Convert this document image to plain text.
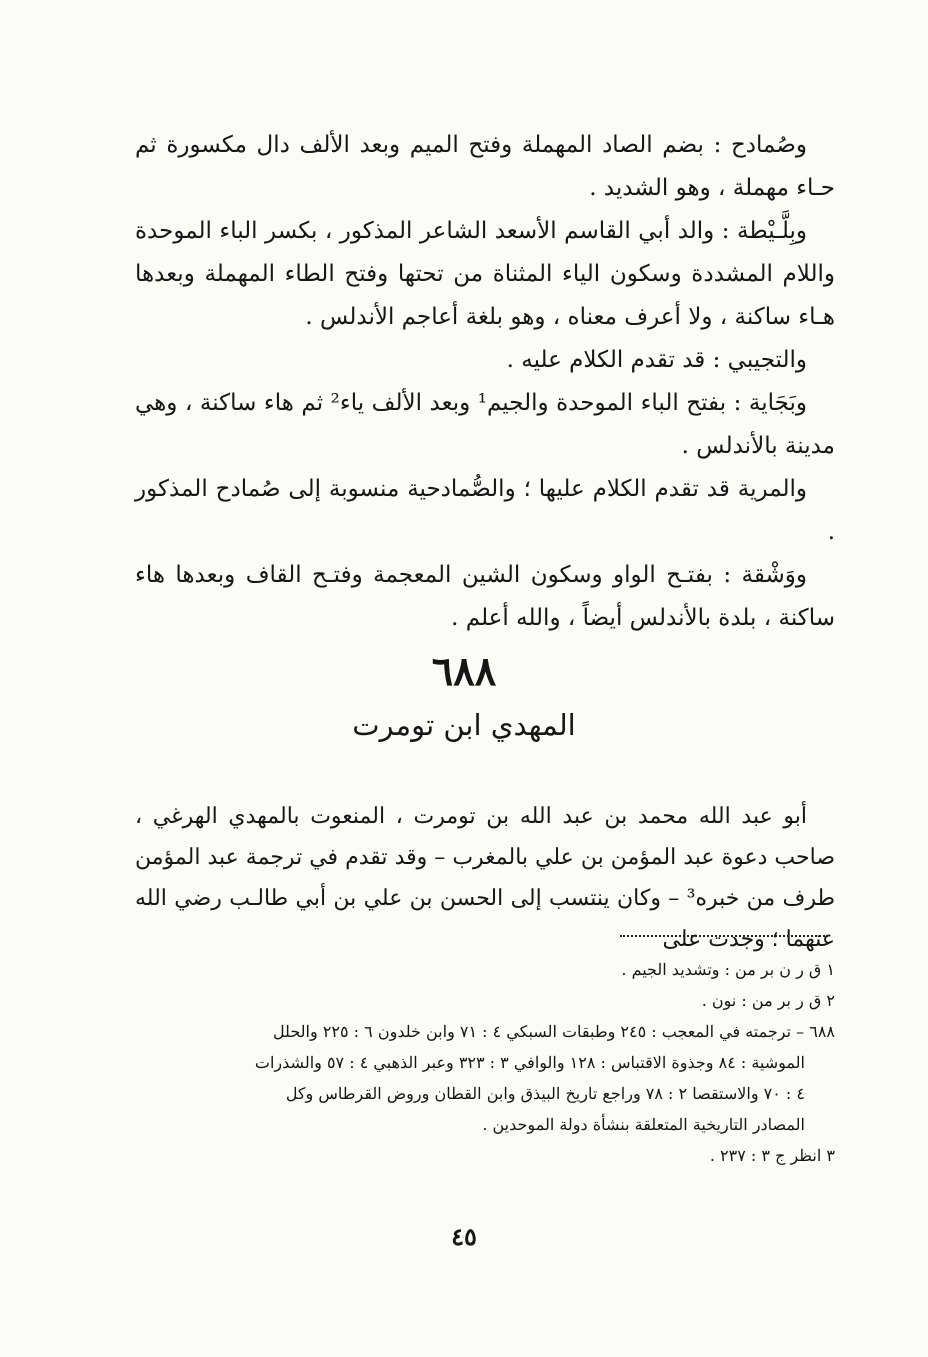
وصُمادح : بضم الصاد المهملة وفتح الميم وبعد الألف دال مكسورة ثم حـاء مهملة ، وهو الشديد .

وبِلَّـيْطة : والد أبي القاسم الأسعد الشاعر المذكور ، بكسر الباء الموحدة واللام المشددة وسكون الياء المثناة من تحتها وفتح الطاء المهملة وبعدها هـاء ساكنة ، ولا أعرف معناه ، وهو بلغة أعاجم الأندلس .

والتجيبي : قد تقدم الكلام عليه .

وبَجَاية : بفتح الباء الموحدة والجيم¹ وبعد الألف ياء² ثم هاء ساكنة ، وهي مدينة بالأندلس .

والمرية قد تقدم الكلام عليها ؛ والصُّمادحية منسوبة إلى صُمادح المذكور .

ووَشْقة : بفتـح الواو وسكون الشين المعجمة وفتـح القاف وبعدها هاء ساكنة ، بلدة بالأندلس أيضاً ، والله أعلم .

٦٨٨
المهدي ابن تومرت

أبو عبد الله محمد بن عبد الله بن تومرت ، المنعوت بالمهدي الهرغي ، صاحب دعوة عبد المؤمن بن علي بالمغرب – وقد تقدم في ترجمة عبد المؤمن طرف من خبره³ – وكان ينتسب إلى الحسن بن علي بن أبي طالـب رضي الله عنهما ؛ وجدت على

١ ق ر ن بر من : وتشديد الجيم .

٢ ق ر بر من : نون .

٦٨٨ – ترجمته في المعجب : ٢٤٥ وطبقات السبكي ٤ : ٧١ وابن خلدون ٦ : ٢٢٥ والحلل

الموشية : ٨٤ وجذوة الاقتباس : ١٢٨ والوافي ٣ : ٣٢٣ وعبر الذهبي ٤ : ٥٧ والشذرات

٤ : ٧٠ والاستقصا ٢ : ٧٨ وراجع تاريخ البيذق وابن القطان وروض القرطاس وكل

المصادر التاريخية المتعلقة بنشأة دولة الموحدين .

٣ انظر ج ٣ : ٢٣٧ .

٤٥
